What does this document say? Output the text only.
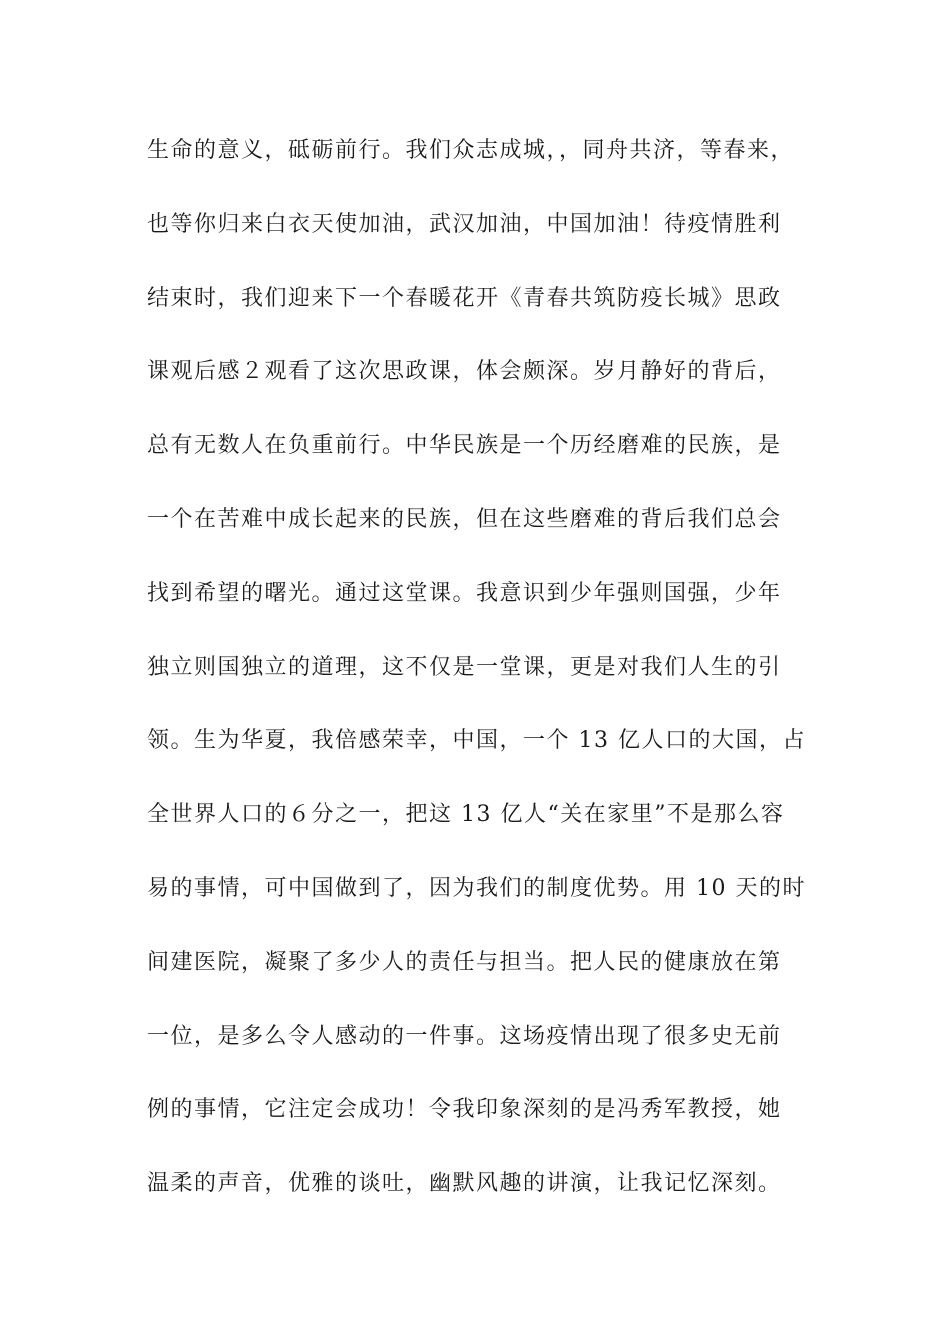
生命的意义，砥砺前行。我们众志成城，，同舟共济，等春来，
也等你归来白衣天使加油，武汉加油，中国加油！待疫情胜利
结束时，我们迎来下一个春暖花开《青春共筑防疫长城》思政
课观后感２观看了这次思政课，体会颇深。岁月静好的背后，
总有无数人在负重前行。中华民族是一个历经磨难的民族，是
一个在苦难中成长起来的民族，但在这些磨难的背后我们总会
找到希望的曙光。通过这堂课。我意识到少年强则国强，少年
独立则国独立的道理，这不仅是一堂课，更是对我们人生的引
领。生为华夏，我倍感荣幸，中国，一个 13 亿人口的大国，占
全世界人口的６分之一，把这 13 亿人“关在家里”不是那么容
易的事情，可中国做到了，因为我们的制度优势。用 10 天的时
间建医院，凝聚了多少人的责任与担当。把人民的健康放在第
一位，是多么令人感动的一件事。这场疫情出现了很多史无前
例的事情，它注定会成功！令我印象深刻的是冯秀军教授，她
温柔的声音，优雅的谈吐，幽默风趣的讲演，让我记忆深刻。
